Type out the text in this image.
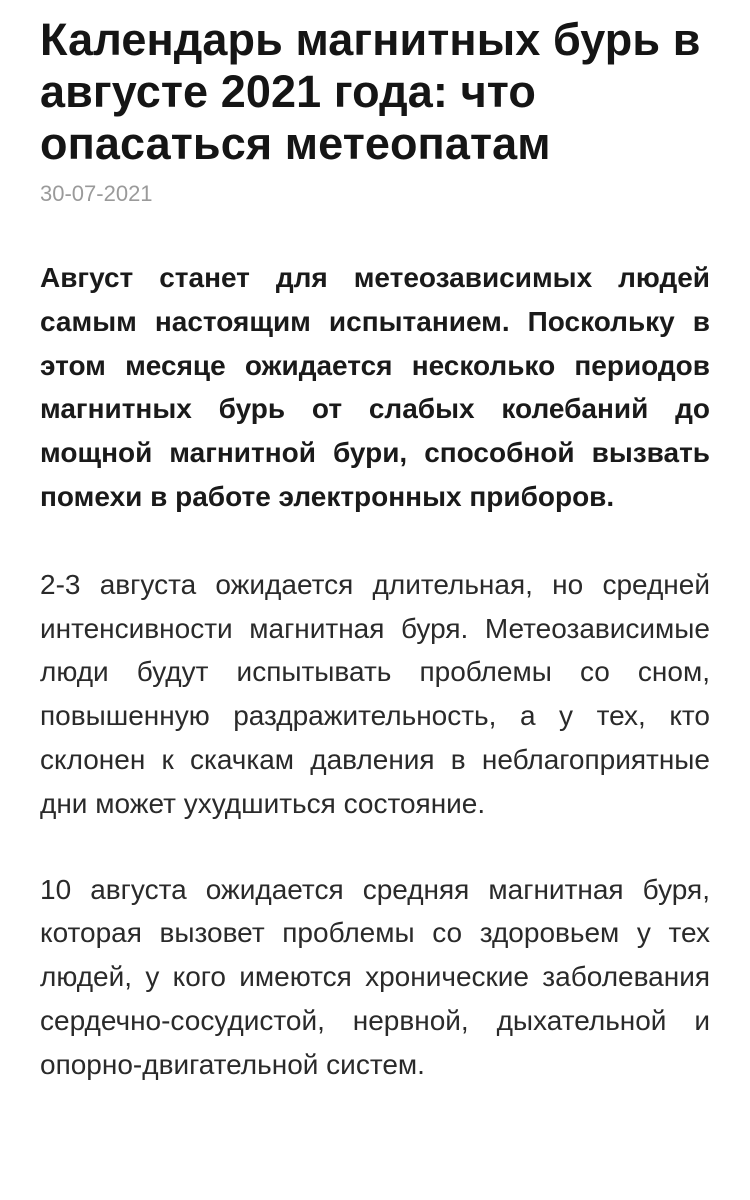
Календарь магнитных бурь в августе 2021 года: что опасаться метеопатам
30-07-2021

Август станет для метеозависимых людей самым настоящим испытанием. Поскольку в этом месяце ожидается несколько периодов магнитных бурь от слабых колебаний до мощной магнитной бури, способной вызвать помехи в работе электронных приборов.

2-3 августа ожидается длительная, но средней интенсивности магнитная буря. Метеозависимые люди будут испытывать проблемы со сном, повышенную раздражительность, а у тех, кто склонен к скачкам давления в неблагоприятные дни может ухудшиться состояние.

10 августа ожидается средняя магнитная буря, которая вызовет проблемы со здоровьем у тех людей, у кого имеются хронические заболевания сердечно-сосудистой, нервной, дыхательной и опорно-двигательной систем.
